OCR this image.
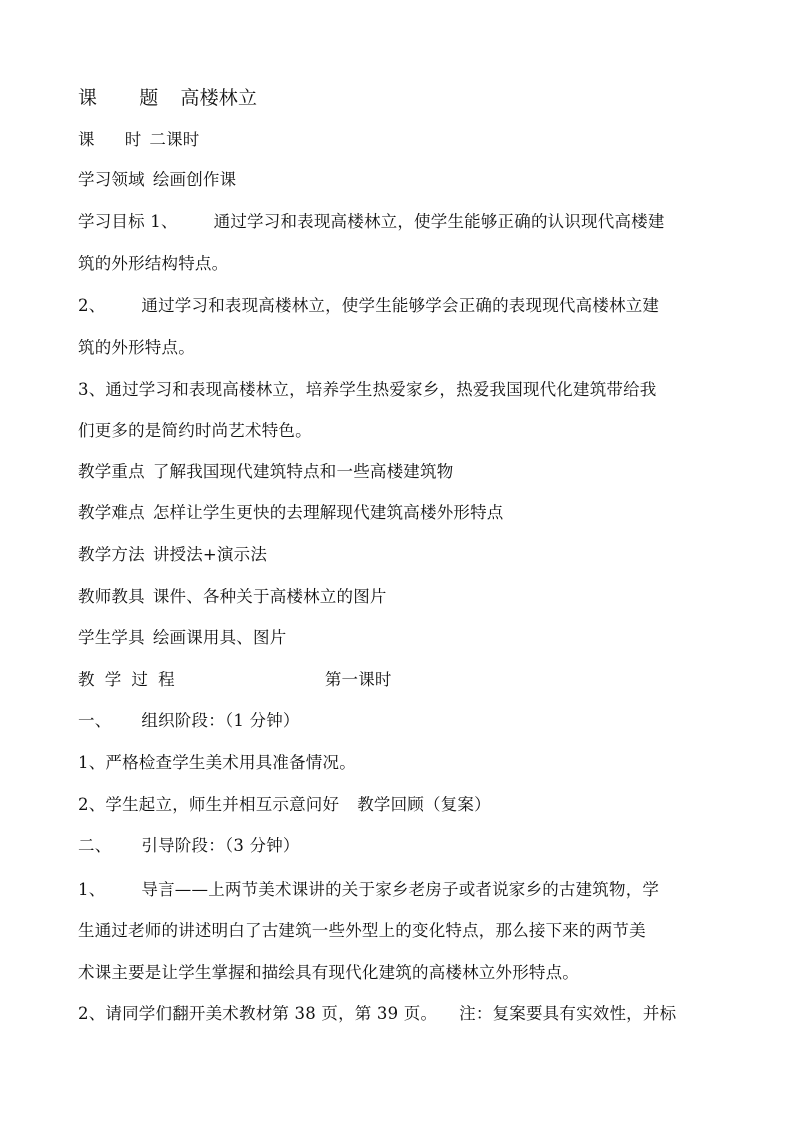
课 题 高楼林立
课 时 二课时
学习领域 绘画创作课
学习目标 1、 通过学习和表现高楼林立，使学生能够正确的认识现代高楼建
筑的外形结构特点。
2、 通过学习和表现高楼林立，使学生能够学会正确的表现现代高楼林立建
筑的外形特点。
3、通过学习和表现高楼林立，培养学生热爱家乡，热爱我国现代化建筑带给我
们更多的是简约时尚艺术特色。
教学重点 了解我国现代建筑特点和一些高楼建筑物
教学难点 怎样让学生更快的去理解现代建筑高楼外形特点
教学方法 讲授法+演示法
教师教具 课件、各种关于高楼林立的图片
学生学具 绘画课用具、图片
教 学 过 程	第一课时
一、 组织阶段：（1 分钟）
1、严格检查学生美术用具准备情况。
2、学生起立，师生并相互示意问好 教学回顾（复案）
二、 引导阶段：（3 分钟）
1、 导言——上两节美术课讲的关于家乡老房子或者说家乡的古建筑物，学
生通过老师的讲述明白了古建筑一些外型上的变化特点，那么接下来的两节美
术课主要是让学生掌握和描绘具有现代化建筑的高楼林立外形特点。
2、请同学们翻开美术教材第 38 页，第 39 页。 注：复案要具有实效性，并标
